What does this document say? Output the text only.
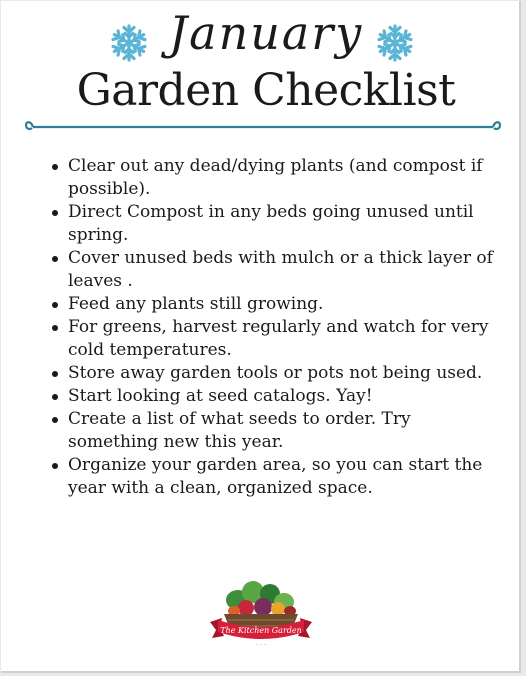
January
Garden Checklist
Clear out any dead/dying plants (and compost if possible).
Direct Compost in any beds going unused until spring.
Cover unused beds with mulch or a thick layer of leaves .
Feed any plants still growing.
For greens, harvest regularly and watch for very cold temperatures.
Store away garden tools or pots not being used.
Start looking at seed catalogs. Yay!
Create a list of what seeds to order. Try something new this year.
Organize your garden area, so you can start the year with a clean, organized space.
The Kitchen Garden
~ ~ ~
